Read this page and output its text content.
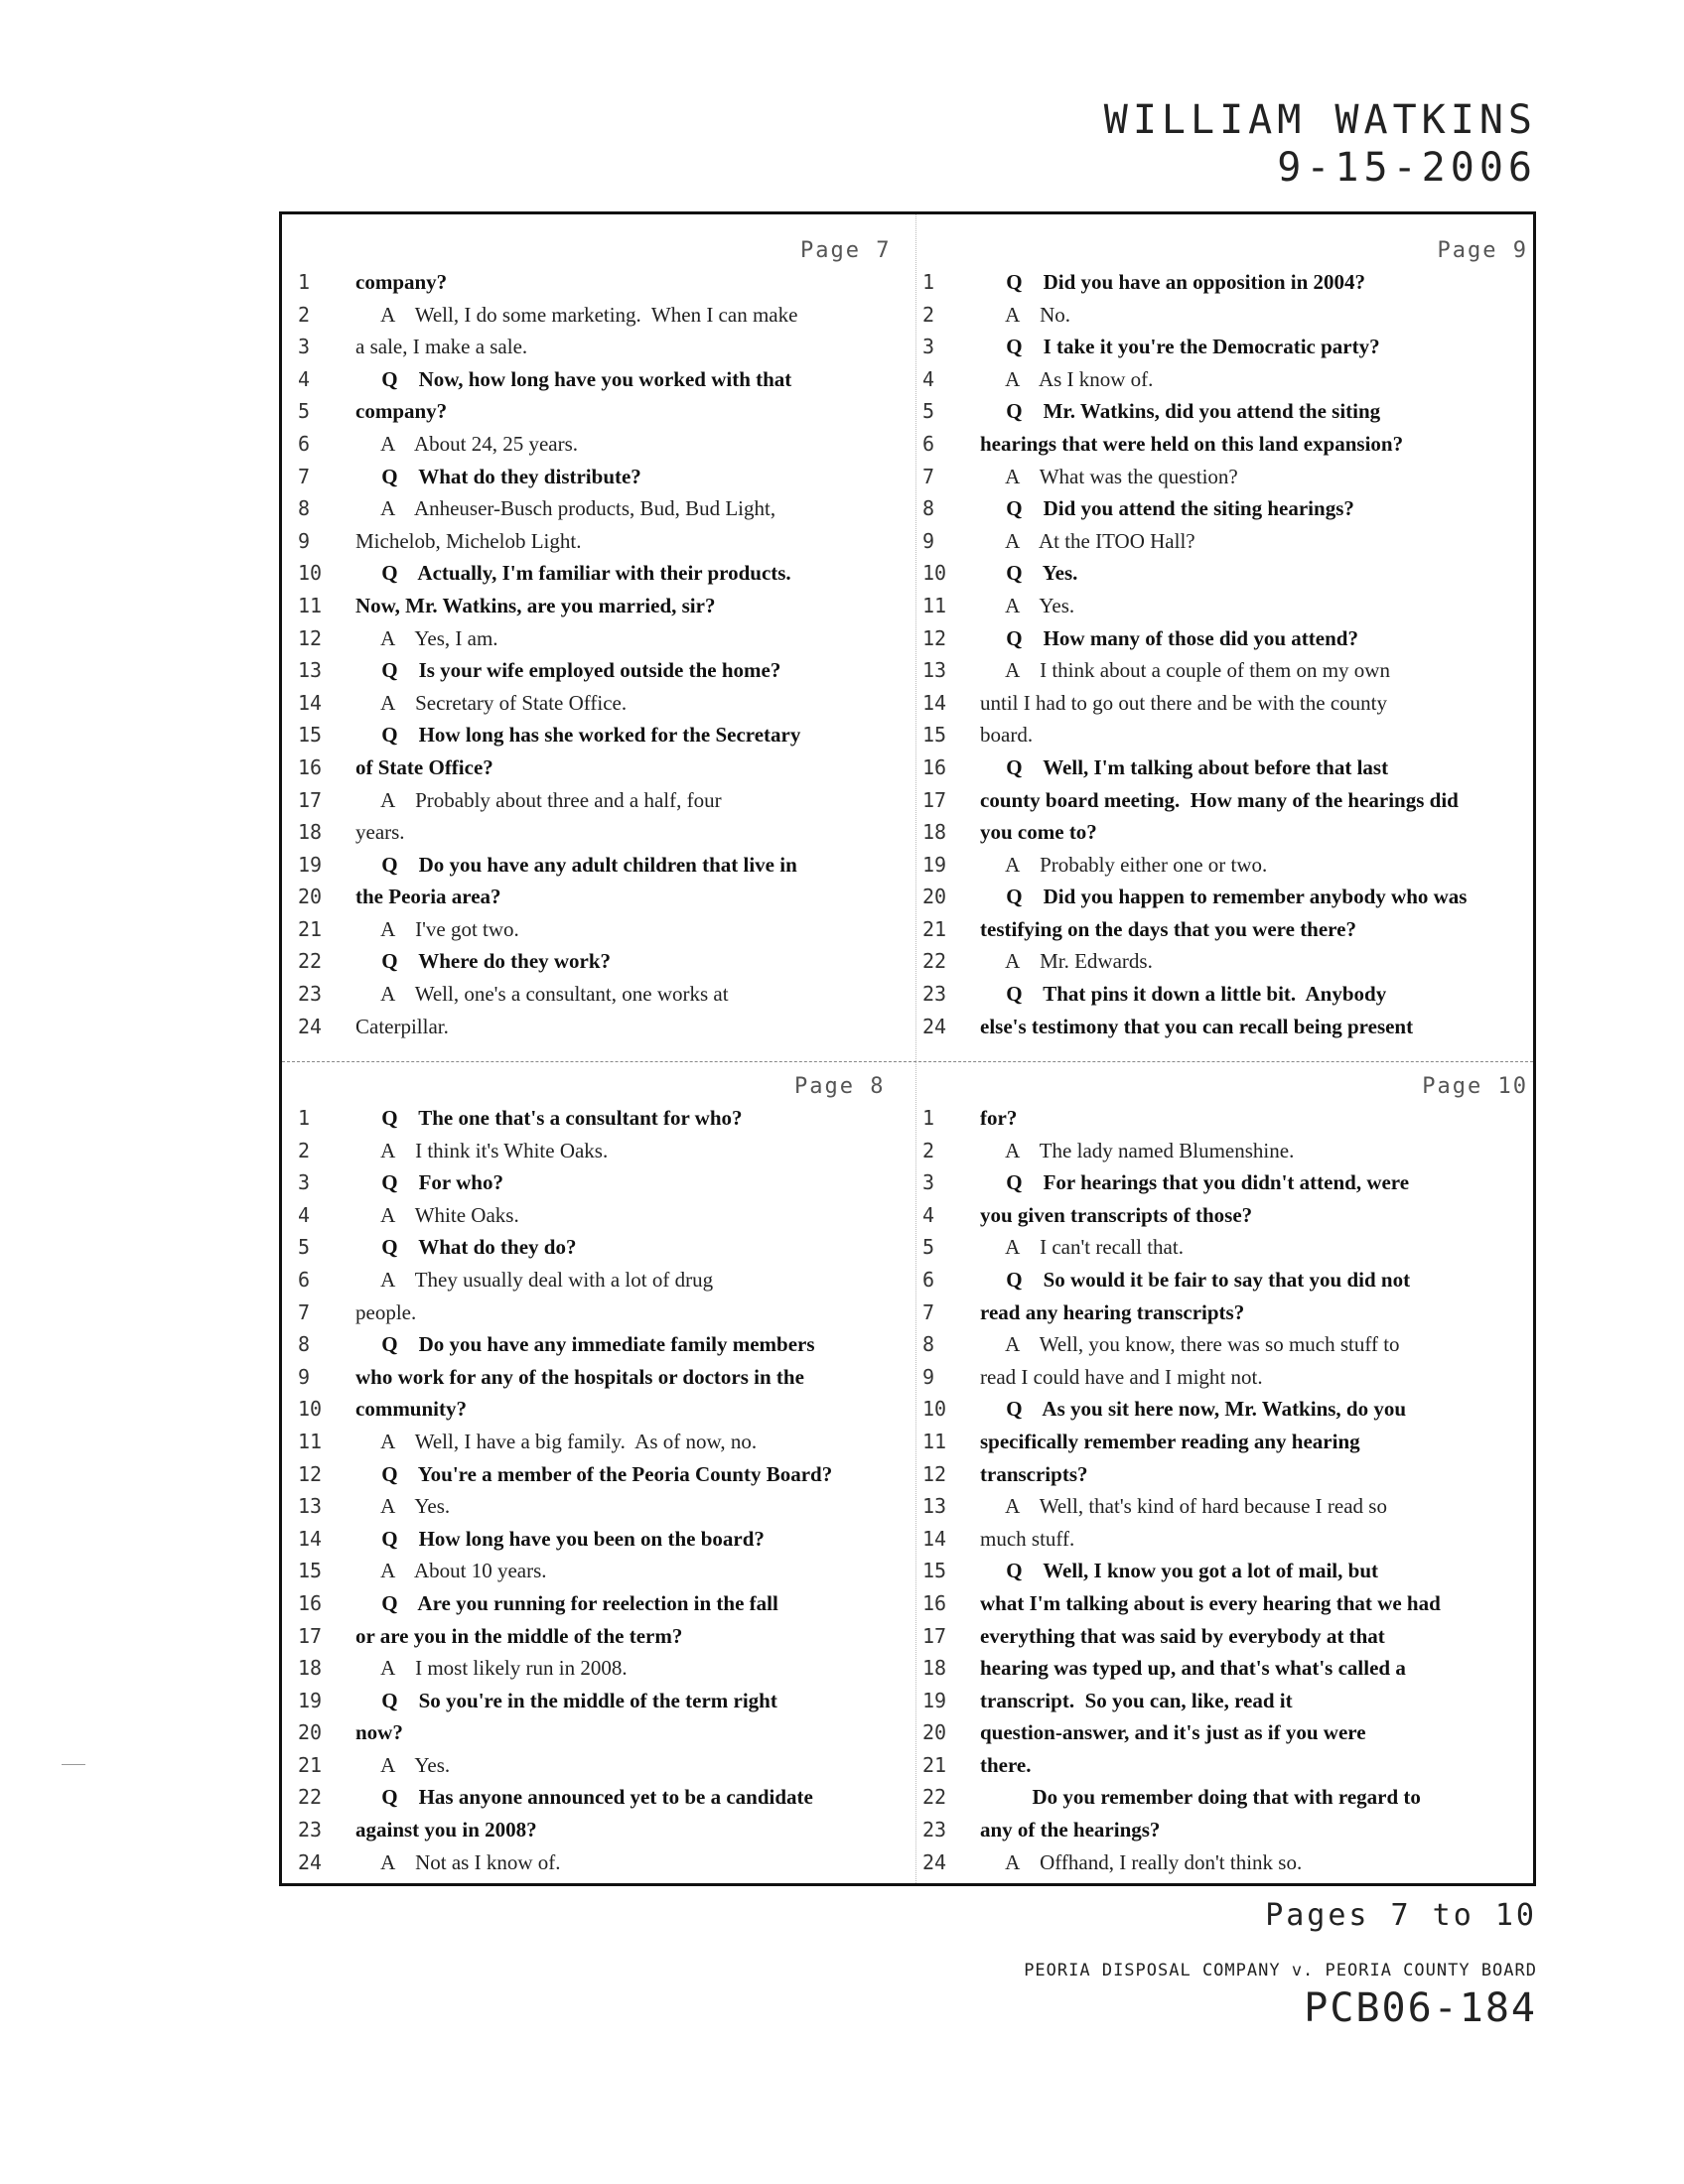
WILLIAM WATKINS
9-15-2006
Page 7
1	company?
2	A    Well, I do some marketing.  When I can make
3	a sale, I make a sale.
4	Q    Now, how long have you worked with that
5	company?
6	A    About 24, 25 years.
7	Q    What do they distribute?
8	A    Anheuser-Busch products, Bud, Bud Light,
9	Michelob, Michelob Light.
10	Q    Actually, I'm familiar with their products.
11	Now, Mr. Watkins, are you married, sir?
12	A    Yes, I am.
13	Q    Is your wife employed outside the home?
14	A    Secretary of State Office.
15	Q    How long has she worked for the Secretary
16	of State Office?
17	A    Probably about three and a half, four
18	years.
19	Q    Do you have any adult children that live in
20	the Peoria area?
21	A    I've got two.
22	Q    Where do they work?
23	A    Well, one's a consultant, one works at
24	Caterpillar.
Page 9
1	Q    Did you have an opposition in 2004?
2	A    No.
3	Q    I take it you're the Democratic party?
4	A    As I know of.
5	Q    Mr. Watkins, did you attend the siting
6	hearings that were held on this land expansion?
7	A    What was the question?
8	Q    Did you attend the siting hearings?
9	A    At the ITOO Hall?
10	Q    Yes.
11	A    Yes.
12	Q    How many of those did you attend?
13	A    I think about a couple of them on my own
14	until I had to go out there and be with the county
15	board.
16	Q    Well, I'm talking about before that last
17	county board meeting.  How many of the hearings did
18	you come to?
19	A    Probably either one or two.
20	Q    Did you happen to remember anybody who was
21	testifying on the days that you were there?
22	A    Mr. Edwards.
23	Q    That pins it down a little bit.  Anybody
24	else's testimony that you can recall being present
Page 8
1	Q    The one that's a consultant for who?
2	A    I think it's White Oaks.
3	Q    For who?
4	A    White Oaks.
5	Q    What do they do?
6	A    They usually deal with a lot of drug
7	people.
8	Q    Do you have any immediate family members
9	who work for any of the hospitals or doctors in the
10	community?
11	A    Well, I have a big family.  As of now, no.
12	Q    You're a member of the Peoria County Board?
13	A    Yes.
14	Q    How long have you been on the board?
15	A    About 10 years.
16	Q    Are you running for reelection in the fall
17	or are you in the middle of the term?
18	A    I most likely run in 2008.
19	Q    So you're in the middle of the term right
20	now?
21	A    Yes.
22	Q    Has anyone announced yet to be a candidate
23	against you in 2008?
24	A    Not as I know of.
Page 10
1	for?
2	A    The lady named Blumenshine.
3	Q    For hearings that you didn't attend, were
4	you given transcripts of those?
5	A    I can't recall that.
6	Q    So would it be fair to say that you did not
7	read any hearing transcripts?
8	A    Well, you know, there was so much stuff to
9	read I could have and I might not.
10	Q    As you sit here now, Mr. Watkins, do you
11	specifically remember reading any hearing
12	transcripts?
13	A    Well, that's kind of hard because I read so
14	much stuff.
15	Q    Well, I know you got a lot of mail, but
16	what I'm talking about is every hearing that we had
17	everything that was said by everybody at that
18	hearing was typed up, and that's what's called a
19	transcript.  So you can, like, read it
20	question-answer, and it's just as if you were
21	there.
22	Do you remember doing that with regard to
23	any of the hearings?
24	A    Offhand, I really don't think so.
Pages 7 to 10
PEORIA DISPOSAL COMPANY v. PEORIA COUNTY BOARD
PCB06-184
